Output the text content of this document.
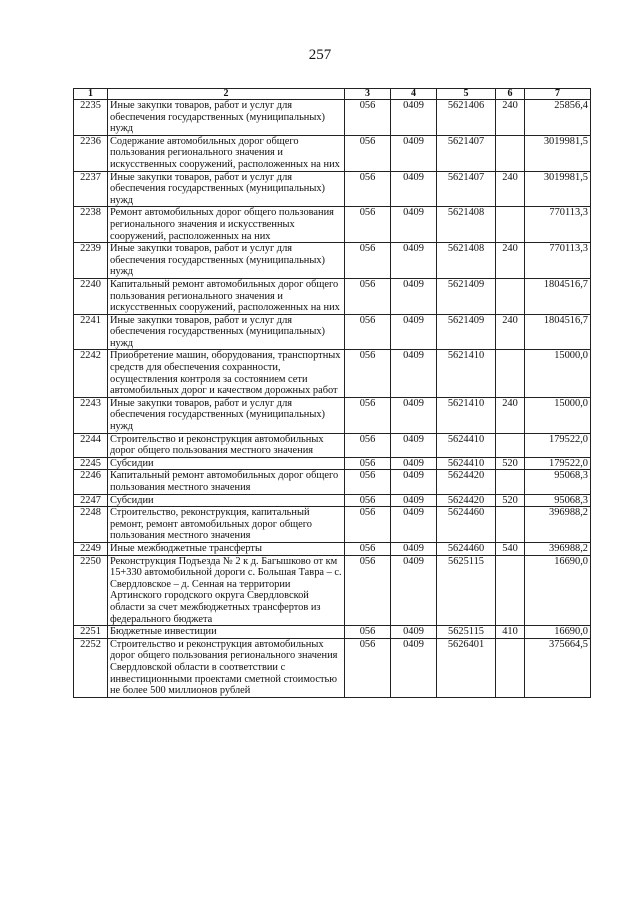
257
1	2	3	4	5	6	7
2235	Иные закупки товаров, работ и услуг для обеспечения государственных (муниципальных) нужд	056	0409	5621406	240	25856,4
2236	Содержание автомобильных дорог общего пользования регионального значения и искусственных сооружений, расположенных на них	056	0409	5621407		3019981,5
2237	Иные закупки товаров, работ и услуг для обеспечения государственных (муниципальных) нужд	056	0409	5621407	240	3019981,5
2238	Ремонт автомобильных дорог общего пользования регионального значения и искусственных сооружений, расположенных на них	056	0409	5621408		770113,3
2239	Иные закупки товаров, работ и услуг для обеспечения государственных (муниципальных) нужд	056	0409	5621408	240	770113,3
2240	Капитальный ремонт автомобильных дорог общего пользования регионального значения и искусственных сооружений, расположенных на них	056	0409	5621409		1804516,7
2241	Иные закупки товаров, работ и услуг для обеспечения государственных (муниципальных) нужд	056	0409	5621409	240	1804516,7
2242	Приобретение машин, оборудования, транспортных средств для обеспечения сохранности, осуществления контроля за состоянием сети автомобильных дорог и качеством дорожных работ	056	0409	5621410		15000,0
2243	Иные закупки товаров, работ и услуг для обеспечения государственных (муниципальных) нужд	056	0409	5621410	240	15000,0
2244	Строительство и реконструкция автомобильных дорог общего пользования местного значения	056	0409	5624410		179522,0
2245	Субсидии	056	0409	5624410	520	179522,0
2246	Капитальный ремонт автомобильных дорог общего пользования местного значения	056	0409	5624420		95068,3
2247	Субсидии	056	0409	5624420	520	95068,3
2248	Строительство, реконструкция, капитальный ремонт, ремонт автомобильных дорог общего пользования местного значения	056	0409	5624460		396988,2
2249	Иные межбюджетные трансферты	056	0409	5624460	540	396988,2
2250	Реконструкция Подъезда № 2 к д. Багышково от км 15+330 автомобильной дороги с. Большая Тавра – с. Свердловское – д. Сенная на территории Артинского городского округа Свердловской области за счет межбюджетных трансфертов из федерального бюджета	056	0409	5625115		16690,0
2251	Бюджетные инвестиции	056	0409	5625115	410	16690,0
2252	Строительство и реконструкция автомобильных дорог общего пользования регионального значения Свердловской области в соответствии с инвестиционными проектами сметной стоимостью не более 500 миллионов рублей	056	0409	5626401		375664,5
